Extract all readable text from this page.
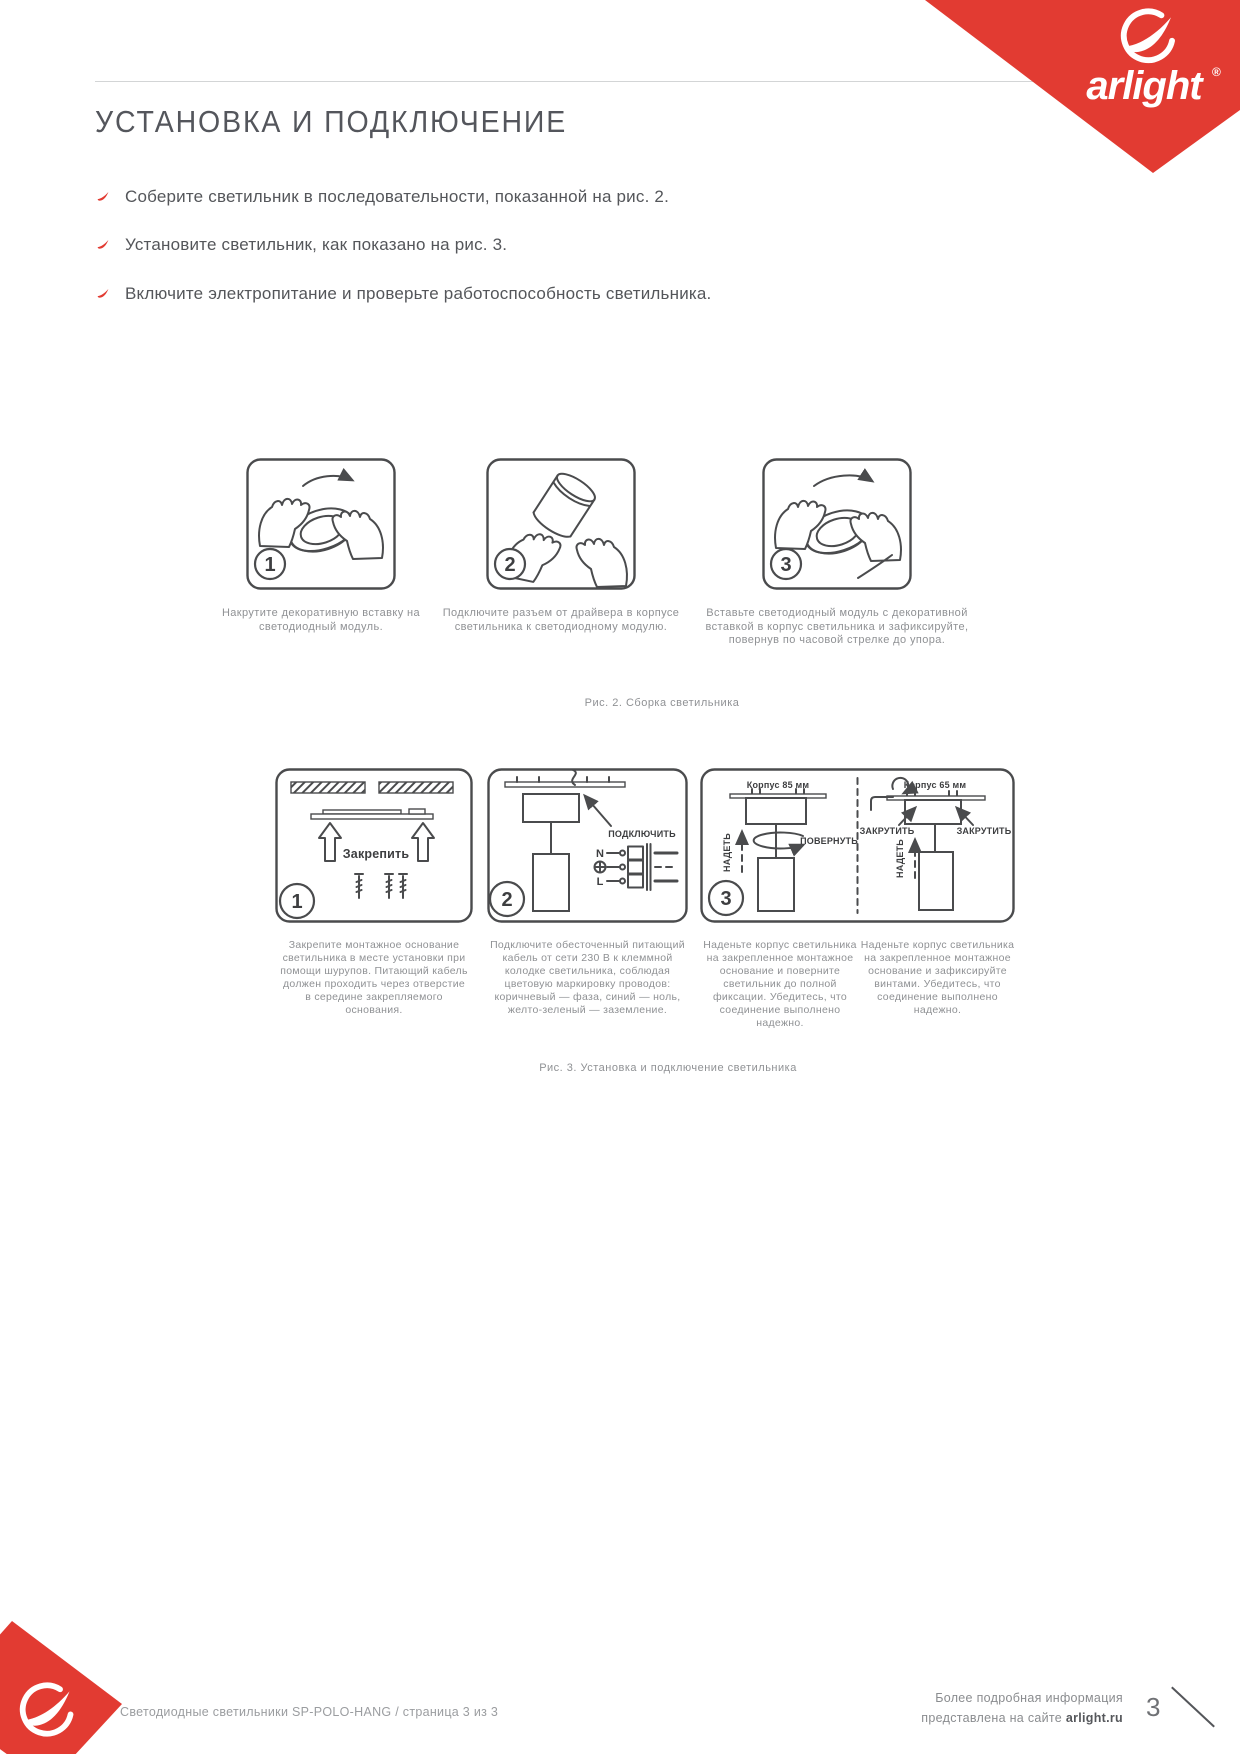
arlight ®
УСТАНОВКА И ПОДКЛЮЧЕНИЕ
Соберите светильник в последовательности, показанной на рис. 2.
Установите светильник, как показано на рис. 3.
Включите электропитание и проверьте работоспособность светильника.
1
Накрутите декоративную вставку на светодиодный модуль.
2
Подключите разъем от драйвера в корпусе светильника к светодиодному модулю.
3
Вставьте светодиодный модуль с декоративной вставкой в корпус светильника и зафиксируйте, повернув по часовой стрелке до упора.
Рис. 2. Сборка светильника
Закрепить
1
Закрепите монтажное основание светильника в месте установки при помощи шурупов. Питающий кабель должен проходить через отверстие в середине закрепляемого основания.
ПОДКЛЮЧИТЬ
N
L
2
Подключите обесточенный питающий кабель от сети 230 В к клеммной колодке светильника, соблюдая цветовую маркировку проводов: коричневый — фаза, синий — ноль, желто-зеленый — заземление.
Корпус 85 мм
ПОВЕРНУТЬ
НАДЕТЬ
3
Корпус 65 мм
ЗАКРУТИТЬ	ЗАКРУТИТЬ
НАДЕТЬ
Наденьте корпус светильника на закрепленное монтажное основание и поверните светильник до полной фиксации. Убедитесь, что соединение выполнено надежно.
Наденьте корпус светильника на закрепленное монтажное основание и зафиксируйте винтами. Убедитесь, что соединение выполнено надежно.
Рис. 3. Установка и подключение светильника
Светодиодные светильники SP-POLO-HANG / страница 3 из 3
Более подробная информация
представлена на сайте arlight.ru 3
